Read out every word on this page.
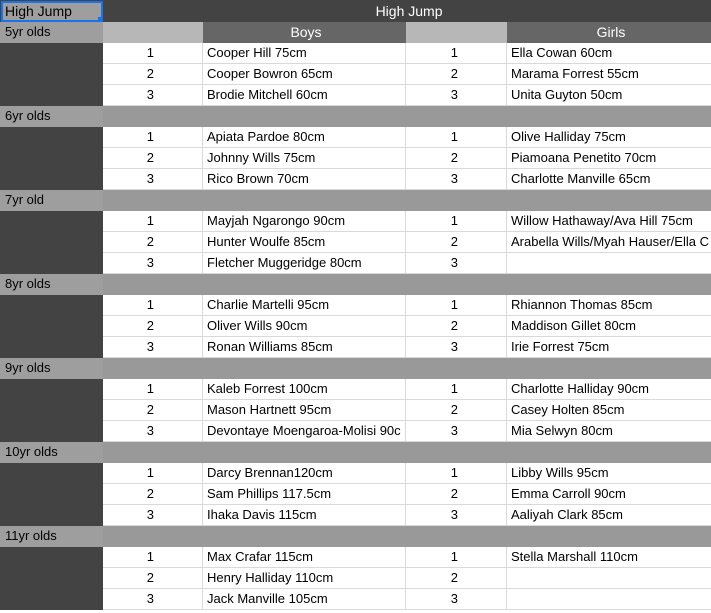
High Jump	High Jump			
5yr olds		Boys		Girls
	1	Cooper Hill 75cm	1	Ella Cowan 60cm
	2	Cooper Bowron 65cm	2	Marama Forrest 55cm
	3	Brodie Mitchell 60cm	3	Unita Guyton 50cm
6yr olds				
	1	Apiata Pardoe 80cm	1	Olive Halliday 75cm
	2	Johnny Wills 75cm	2	Piamoana Penetito 70cm
	3	Rico Brown 70cm	3	Charlotte Manville 65cm
7yr old				
	1	Mayjah Ngarongo 90cm	1	Willow Hathaway/Ava Hill 75cm
	2	Hunter Woulfe 85cm	2	Arabella Wills/Myah Hauser/Ella C
	3	Fletcher Muggeridge 80cm	3	
8yr olds				
	1	Charlie Martelli 95cm	1	Rhiannon Thomas 85cm
	2	Oliver Wills 90cm	2	Maddison Gillet 80cm
	3	Ronan Williams 85cm	3	Irie Forrest 75cm
9yr olds				
	1	Kaleb Forrest 100cm	1	Charlotte Halliday 90cm
	2	Mason Hartnett 95cm	2	Casey Holten 85cm
	3	Devontaye Moengaroa-Molisi 90c	3	Mia Selwyn 80cm
10yr olds				
	1	Darcy Brennan120cm	1	Libby Wills 95cm
	2	Sam Phillips 117.5cm	2	Emma Carroll 90cm
	3	Ihaka Davis 115cm	3	Aaliyah Clark 85cm
11yr olds				
	1	Max Crafar 115cm	1	Stella Marshall 110cm
	2	Henry Halliday 110cm	2	
	3	Jack Manville 105cm	3	
